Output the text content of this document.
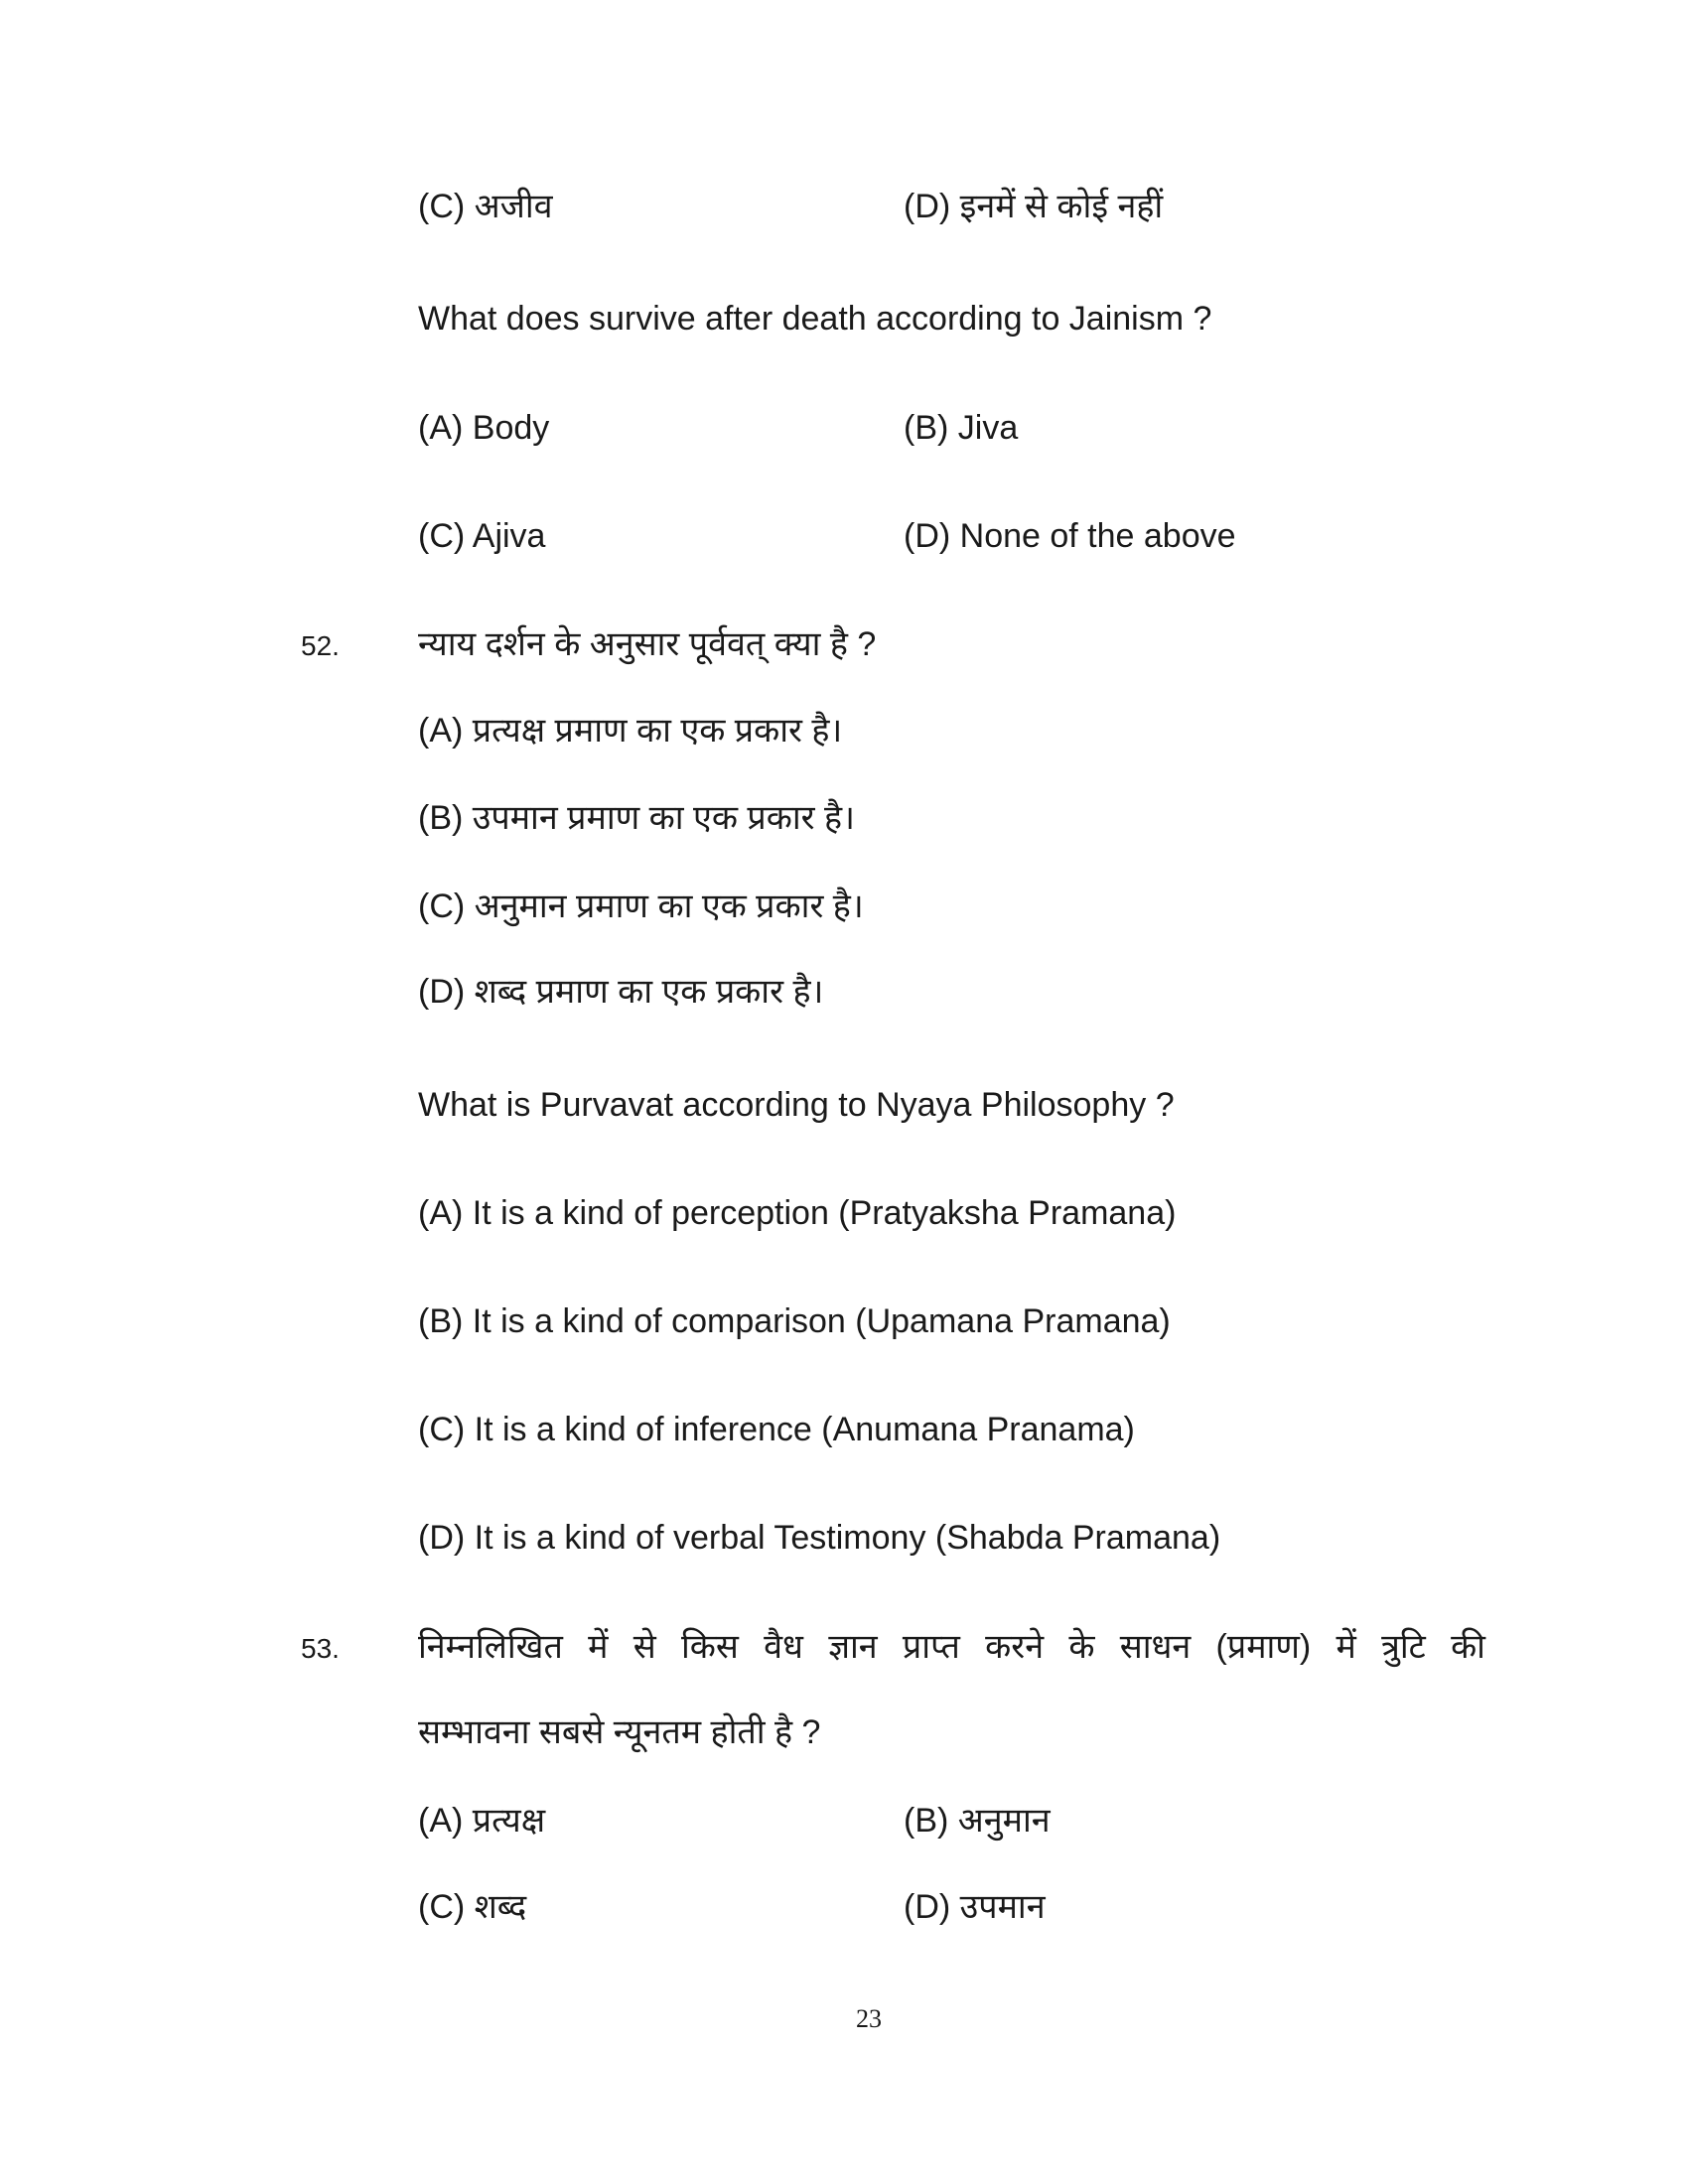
(C) अजीव	(D) इनमें से कोई नहीं
What does survive after death according to Jainism ?
(A) Body	(B) Jiva
(C) Ajiva	(D) None of the above
52. न्याय दर्शन के अनुसार पूर्ववत् क्या है ?
(A) प्रत्यक्ष प्रमाण का एक प्रकार है।
(B) उपमान प्रमाण का एक प्रकार है।
(C) अनुमान प्रमाण का एक प्रकार है।
(D) शब्द प्रमाण का एक प्रकार है।
What is Purvavat according to Nyaya Philosophy ?
(A) It is a kind of perception (Pratyaksha Pramana)
(B) It is a kind of comparison (Upamana Pramana)
(C) It is a kind of inference (Anumana Pranama)
(D) It is a kind of verbal Testimony (Shabda Pramana)
53. निम्नलिखित में से किस वैध ज्ञान प्राप्त करने के साधन (प्रमाण) में त्रुटि की
सम्भावना सबसे न्यूनतम होती है ?
(A) प्रत्यक्ष	(B) अनुमान
(C) शब्द	(D) उपमान
23
